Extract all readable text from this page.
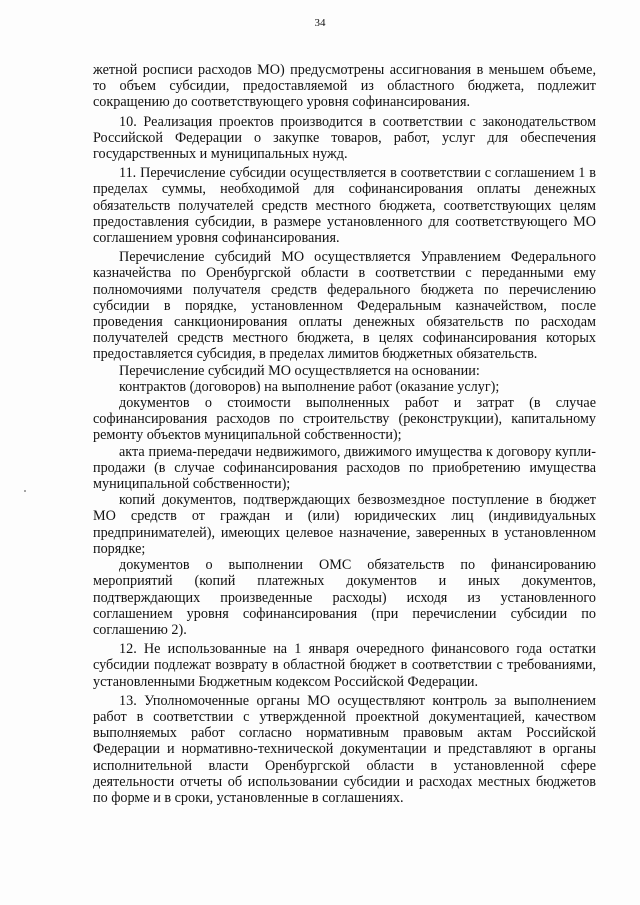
34

жетной росписи расходов МО) предусмотрены ассигнования в меньшем объеме, то объем субсидии, предоставляемой из областного бюджета, подлежит сокращению до соответствующего уровня софинансирования.

10. Реализация проектов производится в соответствии с законодательством Российской Федерации о закупке товаров, работ, услуг для обеспечения государственных и муниципальных нужд.

11. Перечисление субсидии осуществляется в соответствии с соглашением 1 в пределах суммы, необходимой для софинансирования оплаты денежных обязательств получателей средств местного бюджета, соответствующих целям предоставления субсидии, в размере установленного для соответствующего МО соглашением уровня софинансирования.

Перечисление субсидий МО осуществляется Управлением Федерального казначейства по Оренбургской области в соответствии с переданными ему полномочиями получателя средств федерального бюджета по перечислению субсидии в порядке, установленном Федеральным казначейством, после проведения санкционирования оплаты денежных обязательств по расходам получателей средств местного бюджета, в целях софинансирования которых предоставляется субсидия, в пределах лимитов бюджетных обязательств.

Перечисление субсидий МО осуществляется на основании:

контрактов (договоров) на выполнение работ (оказание услуг);

документов о стоимости выполненных работ и затрат (в случае софинансирования расходов по строительству (реконструкции), капитальному ремонту объектов муниципальной собственности);

акта приема-передачи недвижимого, движимого имущества к договору купли-продажи (в случае софинансирования расходов по приобретению имущества муниципальной собственности);

копий документов, подтверждающих безвозмездное поступление в бюджет МО средств от граждан и (или) юридических лиц (индивидуальных предпринимателей), имеющих целевое назначение, заверенных в установленном порядке;

документов о выполнении ОМС обязательств по финансированию мероприятий (копий платежных документов и иных документов, подтверждающих произведенные расходы) исходя из установленного соглашением уровня софинансирования (при перечислении субсидии по соглашению 2).

12. Не использованные на 1 января очередного финансового года остатки субсидии подлежат возврату в областной бюджет в соответствии с требованиями, установленными Бюджетным кодексом Российской Федерации.

13. Уполномоченные органы МО осуществляют контроль за выполнением работ в соответствии с утвержденной проектной документацией, качеством выполняемых работ согласно нормативным правовым актам Российской Федерации и нормативно-технической документации и представляют в органы исполнительной власти Оренбургской области в установленной сфере деятельности отчеты об использовании субсидии и расходах местных бюджетов по форме и в сроки, установленные в соглашениях.
